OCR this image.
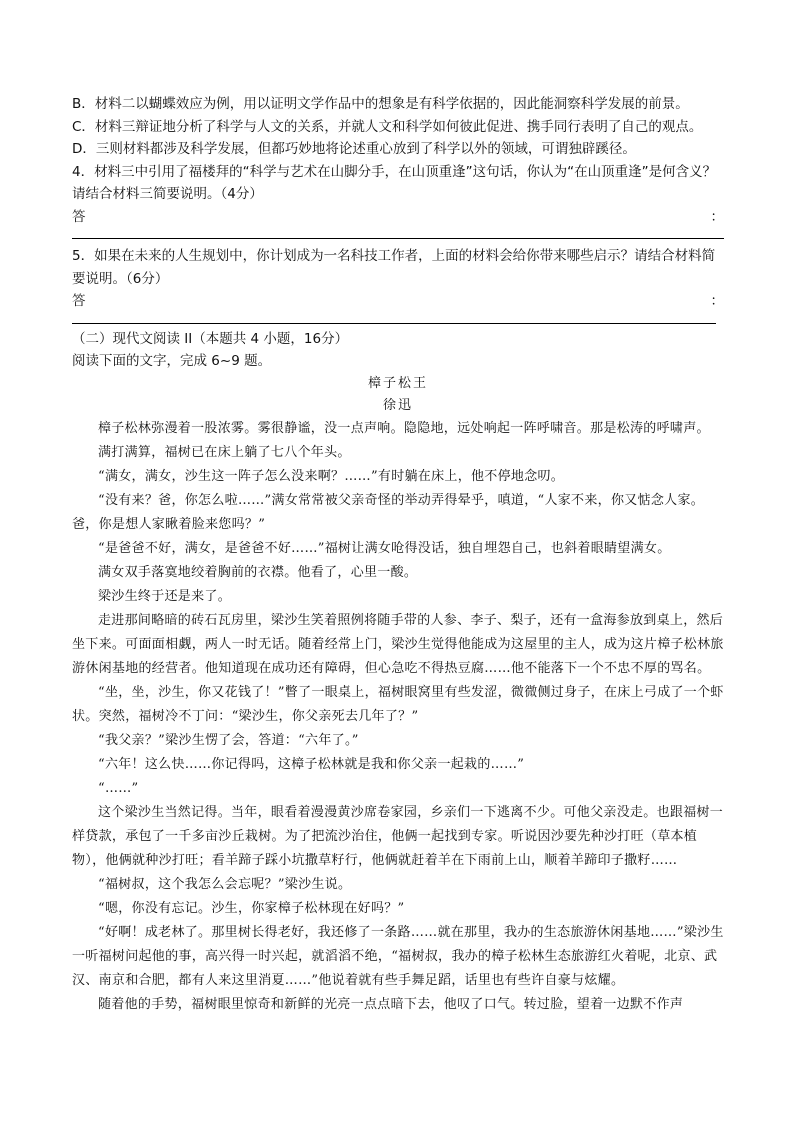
B．材料二以蝴蝶效应为例，用以证明文学作品中的想象是有科学依据的，因此能洞察科学发展的前景。

C．材料三辩证地分析了科学与人文的关系，并就人文和科学如何彼此促进、携手同行表明了自己的观点。

D．三则材料都涉及科学发展，但都巧妙地将论述重心放到了科学以外的领域，可谓独辟蹊径。

4．材料三中引用了福楼拜的“科学与艺术在山脚分手，在山顶重逢”这句话，你认为“在山顶重逢”是何含义？请结合材料三简要说明。（4分）

答	：

5．如果在未来的人生规划中，你计划成为一名科技工作者，上面的材料会给你带来哪些启示？请结合材料简要说明。（6分）

答	：

（二）现代文阅读 II（本题共 4 小题，16分）

阅读下面的文字，完成 6~9 题。

樟子松王

徐迅

樟子松林弥漫着一股浓雾。雾很静谧，没一点声响。隐隐地，远处响起一阵呼啸音。那是松涛的呼啸声。

满打满算，福树已在床上躺了七八个年头。

“满女，满女，沙生这一阵子怎么没来啊？……”有时躺在床上，他不停地念叨。

“没有来？爸，你怎么啦……”满女常常被父亲奇怪的举动弄得晕乎，嗔道，“人家不来，你又惦念人家。爸，你是想人家瞅着脸来您吗？”

“是爸爸不好，满女，是爸爸不好……”福树让满女呛得没话，独自埋怨自己，也斜着眼睛望满女。

满女双手落寞地绞着胸前的衣襟。他看了，心里一酸。

梁沙生终于还是来了。

走进那间略暗的砖石瓦房里，梁沙生笑着照例将随手带的人参、李子、梨子，还有一盒海参放到桌上，然后坐下来。可面面相觑，两人一时无话。随着经常上门，梁沙生觉得他能成为这屋里的主人，成为这片樟子松林旅游休闲基地的经营者。他知道现在成功还有障碍，但心急吃不得热豆腐……他不能落下一个不忠不厚的骂名。

“坐，坐，沙生，你又花钱了！”瞥了一眼桌上，福树眼窝里有些发涩，微微侧过身子，在床上弓成了一个虾状。突然，福树冷不丁问：“梁沙生，你父亲死去几年了？”

“我父亲？”梁沙生愣了会，答道：“六年了。”

“六年！这么快……你记得吗，这樟子松林就是我和你父亲一起栽的……”

“……”

这个梁沙生当然记得。当年，眼看着漫漫黄沙席卷家园，乡亲们一下逃离不少。可他父亲没走。也跟福树一样贷款，承包了一千多亩沙丘栽树。为了把流沙治住，他俩一起找到专家。听说因沙要先种沙打旺（草本植物），他俩就种沙打旺；看羊蹄子踩小坑撒草籽行，他俩就赶着羊在下雨前上山，顺着羊蹄印子撒籽……

“福树叔，这个我怎么会忘呢？”梁沙生说。

“嗯，你没有忘记。沙生，你家樟子松林现在好吗？”

“好啊！成老林了。那里树长得老好，我还修了一条路……就在那里，我办的生态旅游休闲基地……”梁沙生一听福树问起他的事，高兴得一时兴起，就滔滔不绝，“福树叔，我办的樟子松林生态旅游红火着呢，北京、武汉、南京和合肥，都有人来这里消夏……”他说着就有些手舞足蹈，话里也有些许自豪与炫耀。

随着他的手势，福树眼里惊奇和新鲜的光亮一点点暗下去，他叹了口气。转过脸，望着一边默不作声
